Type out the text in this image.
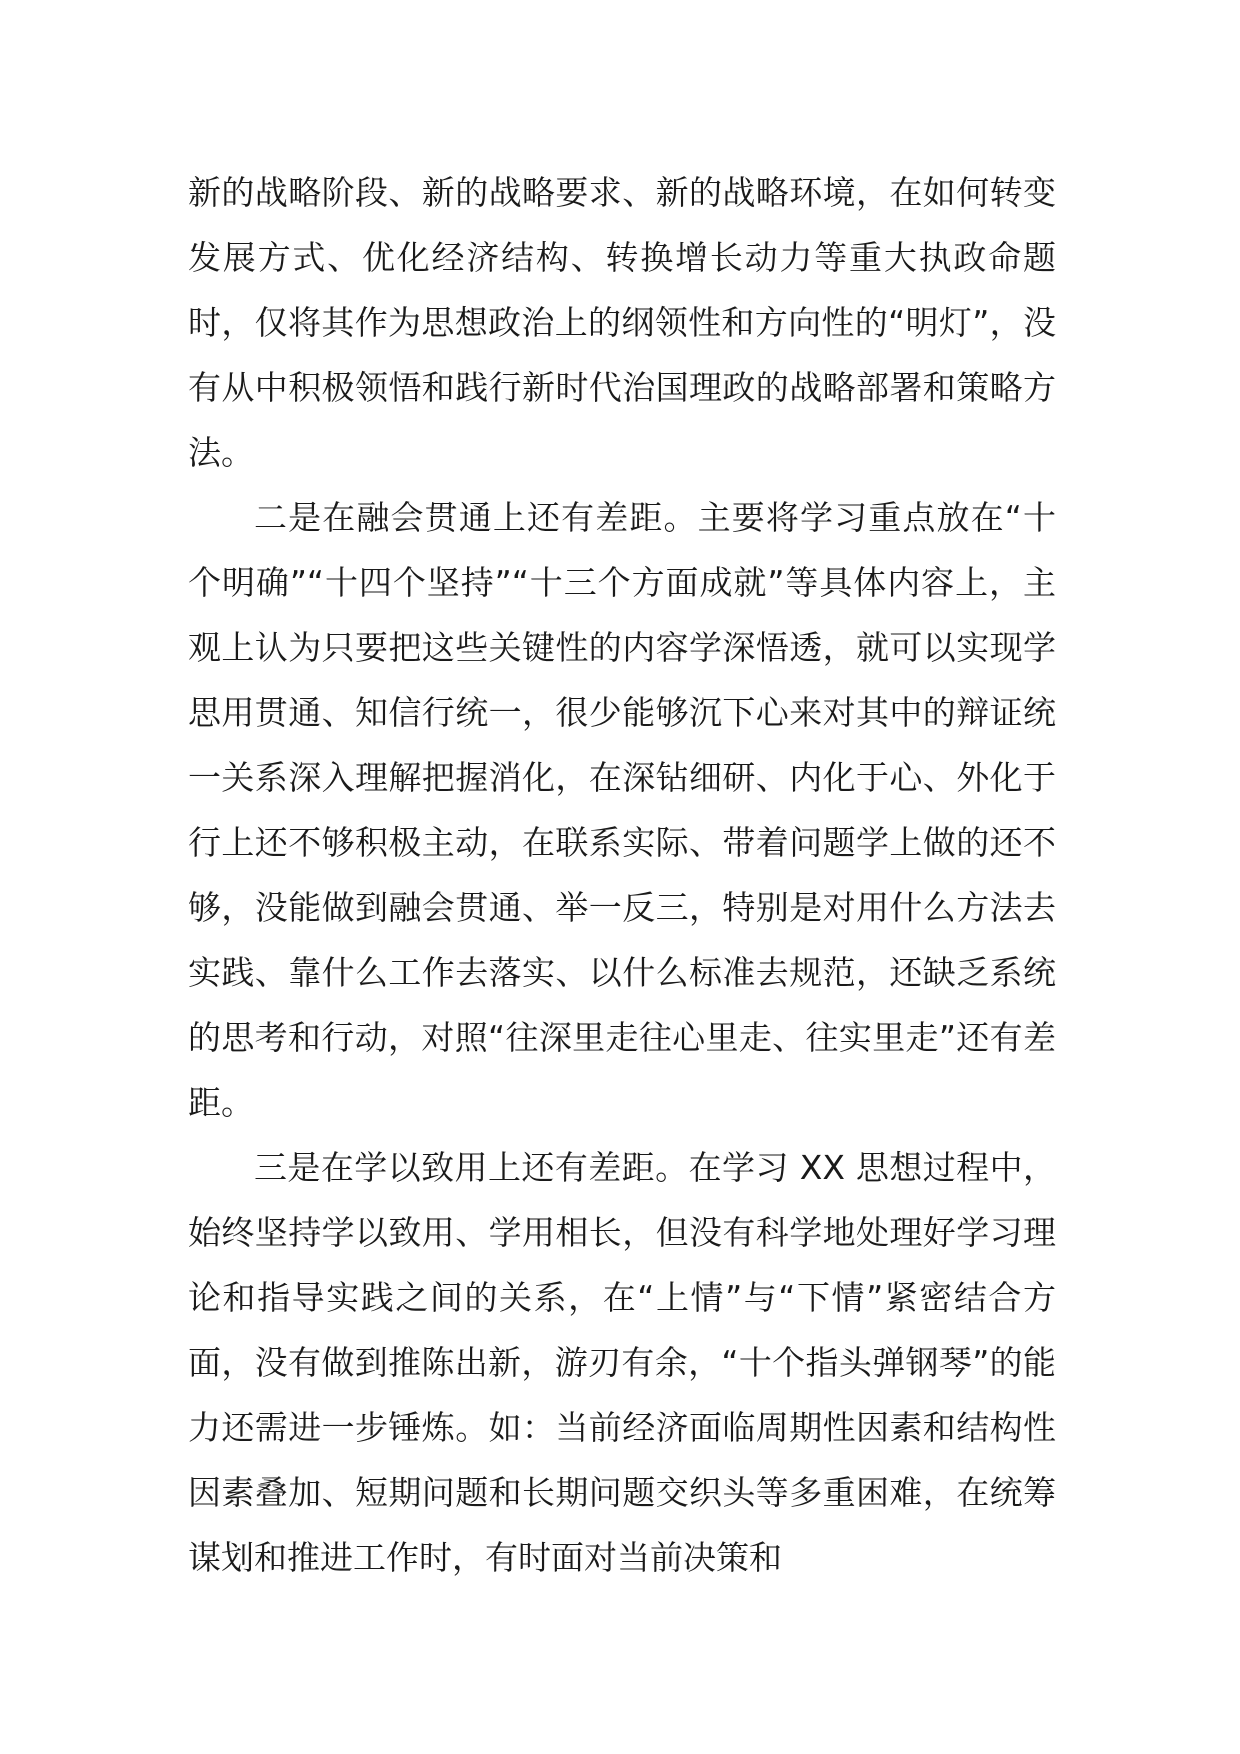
新的战略阶段、新的战略要求、新的战略环境，在如何转变发展方式、优化经济结构、转换增长动力等重大执政命题时，仅将其作为思想政治上的纲领性和方向性的“明灯”，没有从中积极领悟和践行新时代治国理政的战略部署和策略方法。

二是在融会贯通上还有差距。主要将学习重点放在“十个明确”“十四个坚持”“十三个方面成就”等具体内容上，主观上认为只要把这些关键性的内容学深悟透，就可以实现学思用贯通、知信行统一，很少能够沉下心来对其中的辩证统一关系深入理解把握消化，在深钻细研、内化于心、外化于行上还不够积极主动，在联系实际、带着问题学上做的还不够，没能做到融会贯通、举一反三，特别是对用什么方法去实践、靠什么工作去落实、以什么标准去规范，还缺乏系统的思考和行动，对照“往深里走往心里走、往实里走”还有差距。

三是在学以致用上还有差距。在学习 XX 思想过程中，始终坚持学以致用、学用相长，但没有科学地处理好学习理论和指导实践之间的关系，在“上情”与“下情”紧密结合方面，没有做到推陈出新，游刃有余，“十个指头弹钢琴”的能力还需进一步锤炼。如：当前经济面临周期性因素和结构性因素叠加、短期问题和长期问题交织头等多重困难，在统筹谋划和推进工作时，有时面对当前决策和
